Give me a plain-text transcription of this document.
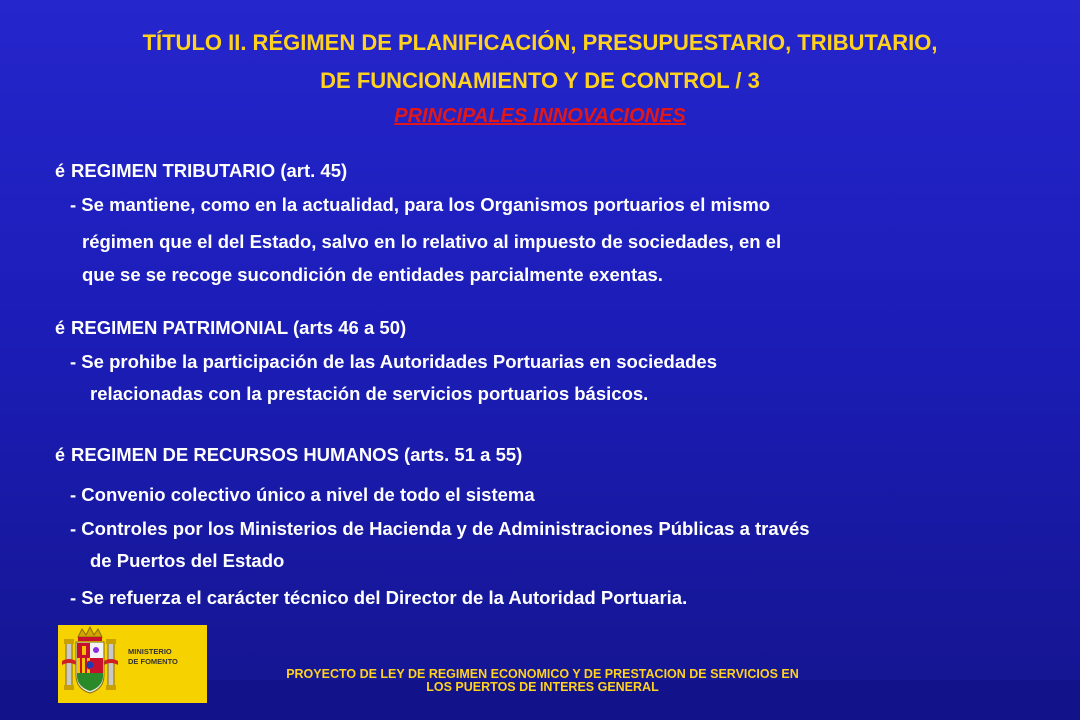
TÍTULO II. RÉGIMEN DE PLANIFICACIÓN, PRESUPUESTARIO, TRIBUTARIO,
DE FUNCIONAMIENTO Y DE CONTROL / 3
PRINCIPALES INNOVACIONES
é REGIMEN TRIBUTARIO (art. 45)
- Se mantiene, como en la actualidad, para los Organismos portuarios el mismo
régimen que el del Estado, salvo en lo relativo al impuesto de sociedades, en el
que se se recoge sucondición de entidades parcialmente exentas.
é REGIMEN PATRIMONIAL (arts 46 a 50)
- Se prohibe la participación de las Autoridades Portuarias en sociedades
relacionadas con la prestación de servicios portuarios básicos.
é REGIMEN DE RECURSOS HUMANOS (arts. 51 a 55)
- Convenio colectivo único a nivel de todo el sistema
- Controles por los Ministerios de Hacienda y de Administraciones Públicas a través
de Puertos del Estado
- Se refuerza el carácter técnico del Director de la Autoridad Portuaria.
MINISTERIO
DE FOMENTO
PROYECTO DE LEY DE REGIMEN ECONOMICO Y DE PRESTACION DE SERVICIOS EN
LOS PUERTOS DE INTERES GENERAL
